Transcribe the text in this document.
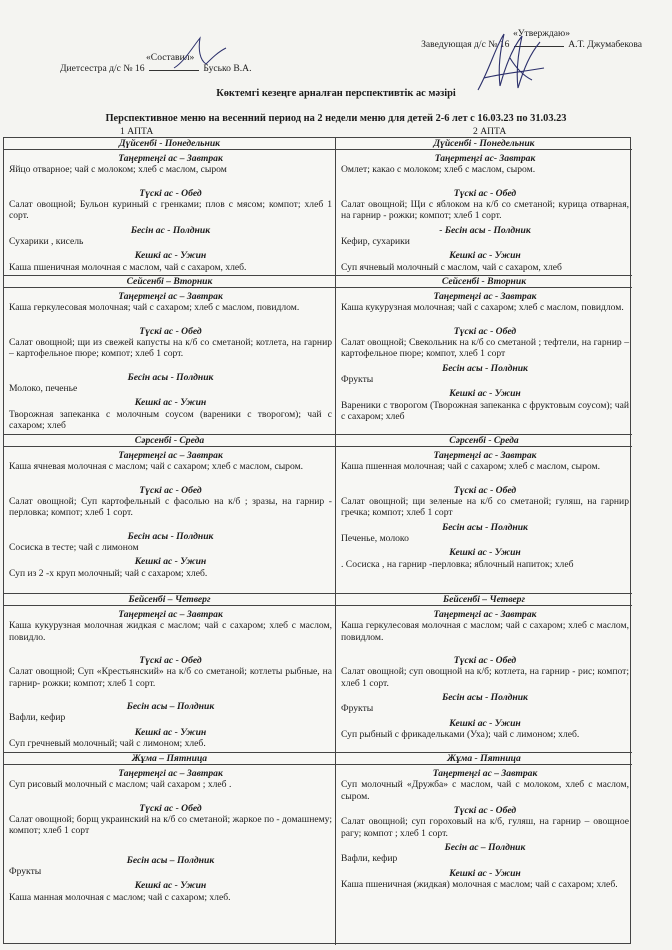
«Утверждаю»
Заведующая д/с № 16	А.Т. Джумабекова
«Составил»
Диетсестра д/с № 16	Бусько В.А.
Көктемгі кезеңге арналған перспективтік ас мәзірі
Перспективное меню на весенний период на 2 недели меню для детей 2-6 лет с 16.03.23 по 31.03.23
1 АПТА	2 АПТА
Дүйсенбі - Понедельник
Таңертеңгі ас – Завтрак
Яйцо отварное; чай с молоком; хлеб с маслом, сыром
Түскі ас - Обед
Салат овощной; Бульон куриный с гренками; плов с мясом; компот; хлеб 1 сорт.
Бесін ас - Полдник
Сухарики , кисель
Кешкі ас - Ужин
Каша пшеничная молочная с маслом, чай с сахаром, хлеб.
Дүйсенбі - Понедельник
Таңертеңгі ас- Завтрак
Омлет; какао с молоком; хлеб с маслом, сыром.
Түскі ас - Обед
Салат овощной; Щи с яблоком на к/б со сметаной; курица отварная, на гарнир - рожки; компот; хлеб 1 сорт.
- Бесін асы - Полдник
Кефир, сухарики
Кешкі ас - Ужин
Суп ячневый молочный с маслом, чай с сахаром, хлеб
Сейсенбі – Вторник
Таңертеңгі ас – Завтрак
Каша геркулесовая молочная; чай с сахаром; хлеб с маслом, повидлом.
Түскі ас - Обед
Салат овощной; щи из свежей капусты на к/б со сметаной; котлета, на гарнир – картофельное пюре; компот; хлеб 1 сорт.
Бесін асы - Полдник
Молоко, печенье
Кешкі ас - Ужин
Творожная запеканка с молочным соусом (вареники с творогом); чай с сахаром; хлеб
Сейсенбі - Вторник
Таңертеңгі ас - Завтрак
Каша кукурузная молочная; чай с сахаром; хлеб с маслом, повидлом.
Түскі ас - Обед
Салат овощной; Свекольник на к/б со сметаной ; тефтели, на гарнир – картофельное пюре; компот, хлеб 1 сорт
Бесін асы - Полдник
Фрукты
Кешкі ас - Ужин
Вареники с творогом (Творожная запеканка с фруктовым соусом); чай с сахаром; хлеб
Сәрсенбі - Среда
Таңертеңгі ас – Завтрак
Каша ячневая молочная с маслом; чай с сахаром; хлеб с маслом, сыром.
Түскі ас - Обед
Салат овощной; Суп картофельный с фасолью на к/б ; зразы, на гарнир - перловка; компот; хлеб 1 сорт.
Бесін асы - Полдник
Сосиска в тесте; чай с лимоном
Кешкі ас - Ужин
Суп из 2 -х круп молочный; чай с сахаром; хлеб.
Сәрсенбі - Среда
Таңертеңгі ас - Завтрак
Каша пшенная молочная; чай с сахаром; хлеб с маслом, сыром.
Түскі ас - Обед
Салат овощной; щи зеленые на к/б со сметаной; гуляш, на гарнир гречка; компот; хлеб 1 сорт
Бесін асы - Полдник
Печенье, молоко
Кешкі ас - Ужин
. Сосиска , на гарнир -перловка; яблочный напиток; хлеб
Бейсенбі – Четверг
Таңертеңгі ас – Завтрак
Каша кукурузная молочная жидкая с маслом; чай с сахаром; хлеб с маслом, повидло.
Түскі ас - Обед
Салат овощной; Суп «Крестьянский» на к/б со сметаной; котлеты рыбные, на гарнир- рожки; компот; хлеб 1 сорт.
Бесін асы – Полдник
Вафли, кефир
Кешкі ас - Ужин
Суп гречневый молочный; чай с лимоном; хлеб.
Бейсенбі – Четверг
Таңертеңгі ас - Завтрак
Каша геркулесовая молочная с маслом; чай с сахаром; хлеб с маслом, повидлом.
Түскі ас - Обед
Салат овощной; суп овощной на к/б; котлета, на гарнир - рис; компот; хлеб 1 сорт.
Бесін асы - Полдник
Фрукты
Кешкі ас - Ужин
Суп рыбный с фрикадельками (Уха); чай с лимоном; хлеб.
Жұма – Пятница
Таңертеңгі ас – Завтрак
Суп рисовый молочный с маслом; чай сахаром ; хлеб .
Түскі ас - Обед
Салат овощной; борщ украинский на к/б со сметаной; жаркое по - домашнему; компот; хлеб 1 сорт
Бесін асы – Полдник
Фрукты
Кешкі ас - Ужин
Каша манная молочная с маслом; чай с сахаром; хлеб.
Жұма - Пятница
Таңертеңгі ас – Завтрак
Суп молочный «Дружба» с маслом, чай с молоком, хлеб с маслом, сыром.
Түскі ас - Обед
Салат овощной; суп гороховый на к/б, гуляш, на гарнир – овощное рагу; компот ; хлеб 1 сорт.
Бесін ас – Полдник
Вафли, кефир
Кешкі ас - Ужин
Каша пшеничная (жидкая) молочная с маслом; чай с сахаром; хлеб.
